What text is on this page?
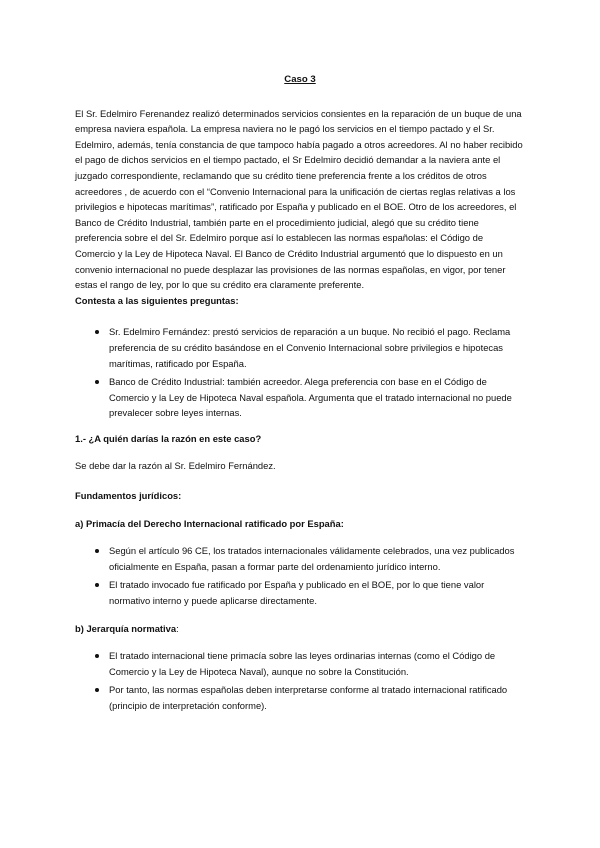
Caso 3

El Sr. Edelmiro Ferenandez realizó determinados servicios consientes en la reparación de un buque de una empresa naviera española. La empresa naviera no le pagó los servicios en el tiempo pactado y el Sr. Edelmiro, además, tenía constancia de que tampoco había pagado a otros acreedores. Al no haber recibido el pago de dichos servicios en el tiempo pactado, el Sr Edelmiro decidió demandar a la naviera ante el juzgado correspondiente, reclamando que su crédito tiene preferencia frente a los créditos de otros acreedores , de acuerdo con el “Convenio Internacional para la unificación de ciertas reglas relativas a los privilegios e hipotecas marítimas”, ratificado por España y publicado en el BOE. Otro de los acreedores, el Banco de Crédito Industrial, también parte en el procedimiento judicial, alegó que su crédito tiene preferencia sobre el del Sr. Edelmiro porque así lo establecen las normas españolas: el Código de Comercio y la Ley de Hipoteca Naval. El Banco de Crédito Industrial argumentó que lo dispuesto en un convenio internacional no puede desplazar las provisiones de las normas españolas, en vigor, por tener estas el rango de ley, por lo que su crédito era claramente preferente.

Contesta a las siguientes preguntas:

Sr. Edelmiro Fernández: prestó servicios de reparación a un buque. No recibió el pago. Reclama preferencia de su crédito basándose en el Convenio Internacional sobre privilegios e hipotecas marítimas, ratificado por España.
Banco de Crédito Industrial: también acreedor. Alega preferencia con base en el Código de Comercio y la Ley de Hipoteca Naval española. Argumenta que el tratado internacional no puede prevalecer sobre leyes internas.

1.- ¿A quién darías la razón en este caso?

Se debe dar la razón al Sr. Edelmiro Fernández.

Fundamentos jurídicos:

a) Primacía del Derecho Internacional ratificado por España:

Según el artículo 96 CE, los tratados internacionales válidamente celebrados, una vez publicados oficialmente en España, pasan a formar parte del ordenamiento jurídico interno.
El tratado invocado fue ratificado por España y publicado en el BOE, por lo que tiene valor normativo interno y puede aplicarse directamente.

b) Jerarquía normativa:

El tratado internacional tiene primacía sobre las leyes ordinarias internas (como el Código de Comercio y la Ley de Hipoteca Naval), aunque no sobre la Constitución.
Por tanto, las normas españolas deben interpretarse conforme al tratado internacional ratificado (principio de interpretación conforme).
